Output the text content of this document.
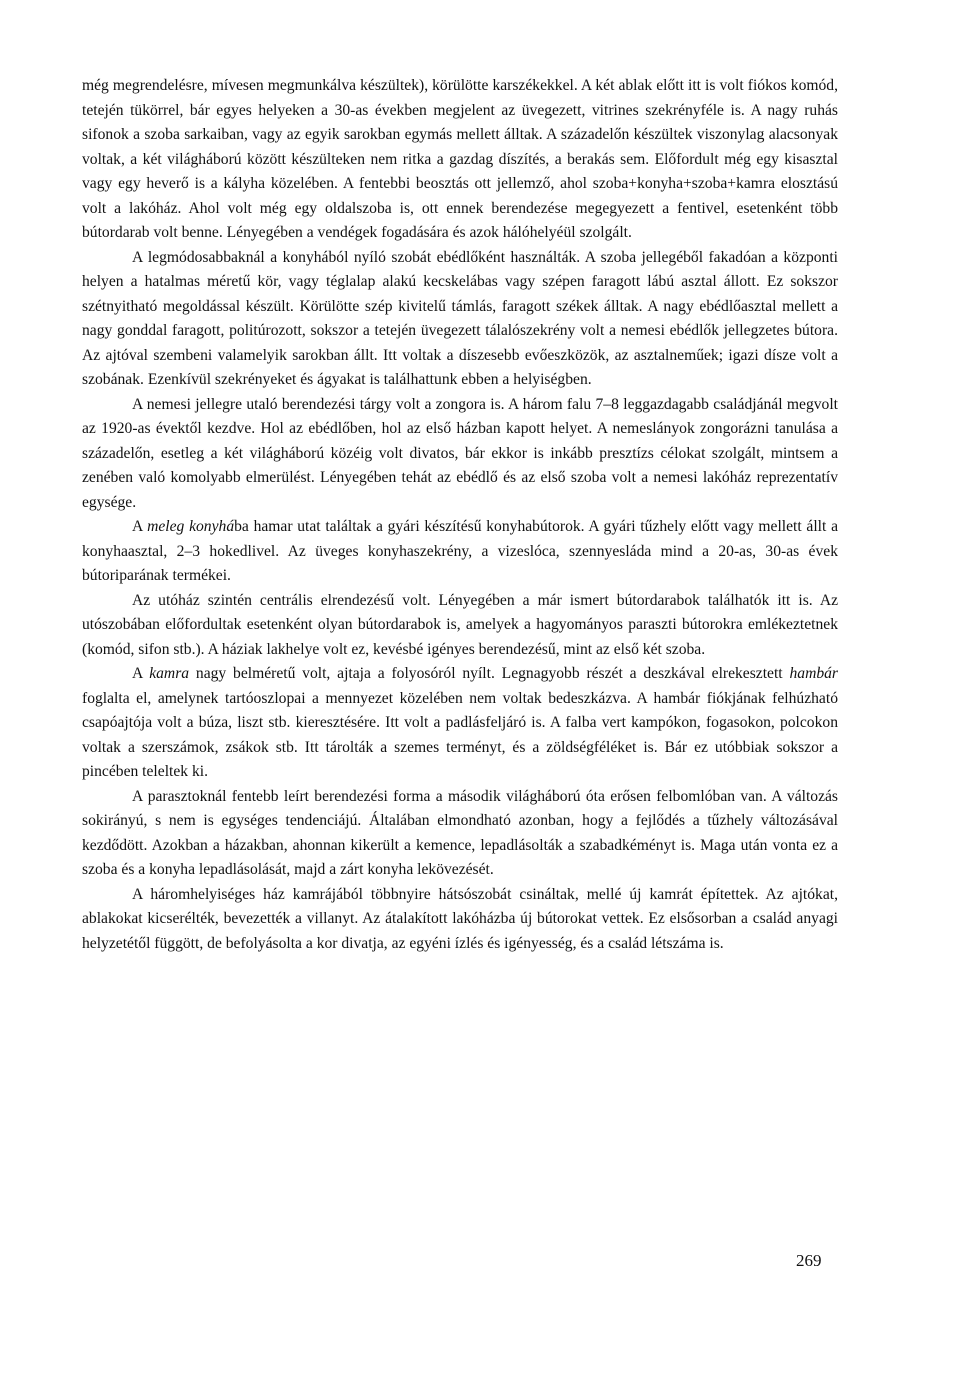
még megrendelésre, mívesen megmunkálva készültek), körülötte karszékekkel. A két ablak előtt itt is volt fiókos komód, tetején tükörrel, bár egyes helyeken a 30-as években megjelent az üvegezett, vitrines szekrényféle is. A nagy ruhás sifonok a szoba sarkaiban, vagy az egyik sarokban egymás mellett álltak. A századelőn készültek viszonylag alacsonyak voltak, a két világháború között készülteken nem ritka a gazdag díszítés, a berakás sem. Előfordult még egy kisasztal vagy egy heverő is a kályha közelében. A fentebbi beosztás ott jellemző, ahol szoba+konyha+szoba+kamra elosztású volt a lakóház. Ahol volt még egy oldalszoba is, ott ennek berendezése megegyezett a fentivel, esetenként több bútordarab volt benne. Lényegében a vendégek fogadására és azok hálóhelyéül szolgált.

A legmódosabbaknál a konyhából nyíló szobát ebédlőként használták. A szoba jellegéből fakadóan a központi helyen a hatalmas méretű kör, vagy téglalap alakú kecskelábas vagy szépen faragott lábú asztal állott. Ez sokszor szétnyitható megoldással készült. Körülötte szép kivitelű támlás, faragott székek álltak. A nagy ebédlőasztal mellett a nagy gonddal faragott, politúrozott, sokszor a tetején üvegezett tálalószekrény volt a nemesi ebédlők jellegzetes bútora. Az ajtóval szembeni valamelyik sarokban állt. Itt voltak a díszesebb evőeszközök, az asztalneműek; igazi dísze volt a szobának. Ezenkívül szekrényeket és ágyakat is találhattunk ebben a helyiségben.

A nemesi jellegre utaló berendezési tárgy volt a zongora is. A három falu 7–8 leggazdagabb családjánál megvolt az 1920-as évektől kezdve. Hol az ebédlőben, hol az első házban kapott helyet. A nemeslányok zongorázni tanulása a századelőn, esetleg a két világháború közéig volt divatos, bár ekkor is inkább presztízs célokat szolgált, mintsem a zenében való komolyabb elmerülést. Lényegében tehát az ebédlő és az első szoba volt a nemesi lakóház reprezentatív egysége.

A meleg konyhába hamar utat találtak a gyári készítésű konyhabútorok. A gyári tűzhely előtt vagy mellett állt a konyhaasztal, 2–3 hokedlivel. Az üveges konyhaszekrény, a vizeslóca, szennyesláda mind a 20-as, 30-as évek bútoriparának termékei.

Az utóház szintén centrális elrendezésű volt. Lényegében a már ismert bútordarabok találhatók itt is. Az utószobában előfordultak esetenként olyan bútordarabok is, amelyek a hagyományos paraszti bútorokra emlékeztetnek (komód, sifon stb.). A háziak lakhelye volt ez, kevésbé igényes berendezésű, mint az első két szoba.

A kamra nagy belméretű volt, ajtaja a folyosóról nyílt. Legnagyobb részét a deszkával elrekesztett hambár foglalta el, amelynek tartóoszlopai a mennyezet közelében nem voltak bedeszkázva. A hambár fiókjának felhúzható csapóajtója volt a búza, liszt stb. kieresztésére. Itt volt a padlásfeljáró is. A falba vert kampókon, fogasokon, polcokon voltak a szerszámok, zsákok stb. Itt tárolták a szemes terményt, és a zöldségféléket is. Bár ez utóbbiak sokszor a pincében teleltek ki.

A parasztoknál fentebb leírt berendezési forma a második világháború óta erősen felbomlóban van. A változás sokirányú, s nem is egységes tendenciájú. Általában elmondható azonban, hogy a fejlődés a tűzhely változásával kezdődött. Azokban a házakban, ahonnan kikerült a kemence, lepadlásolták a szabadkéményt is. Maga után vonta ez a szoba és a konyha lepadlásolását, majd a zárt konyha lekövezését.

A háromhelyiséges ház kamrájából többnyire hátsószobát csináltak, mellé új kamrát építettek. Az ajtókat, ablakokat kicserélték, bevezették a villanyt. Az átalakított lakóházba új bútorokat vettek. Ez elsősorban a család anyagi helyzetétől függött, de befolyásolta a kor divatja, az egyéni ízlés és igényesség, és a család létszáma is.

269
